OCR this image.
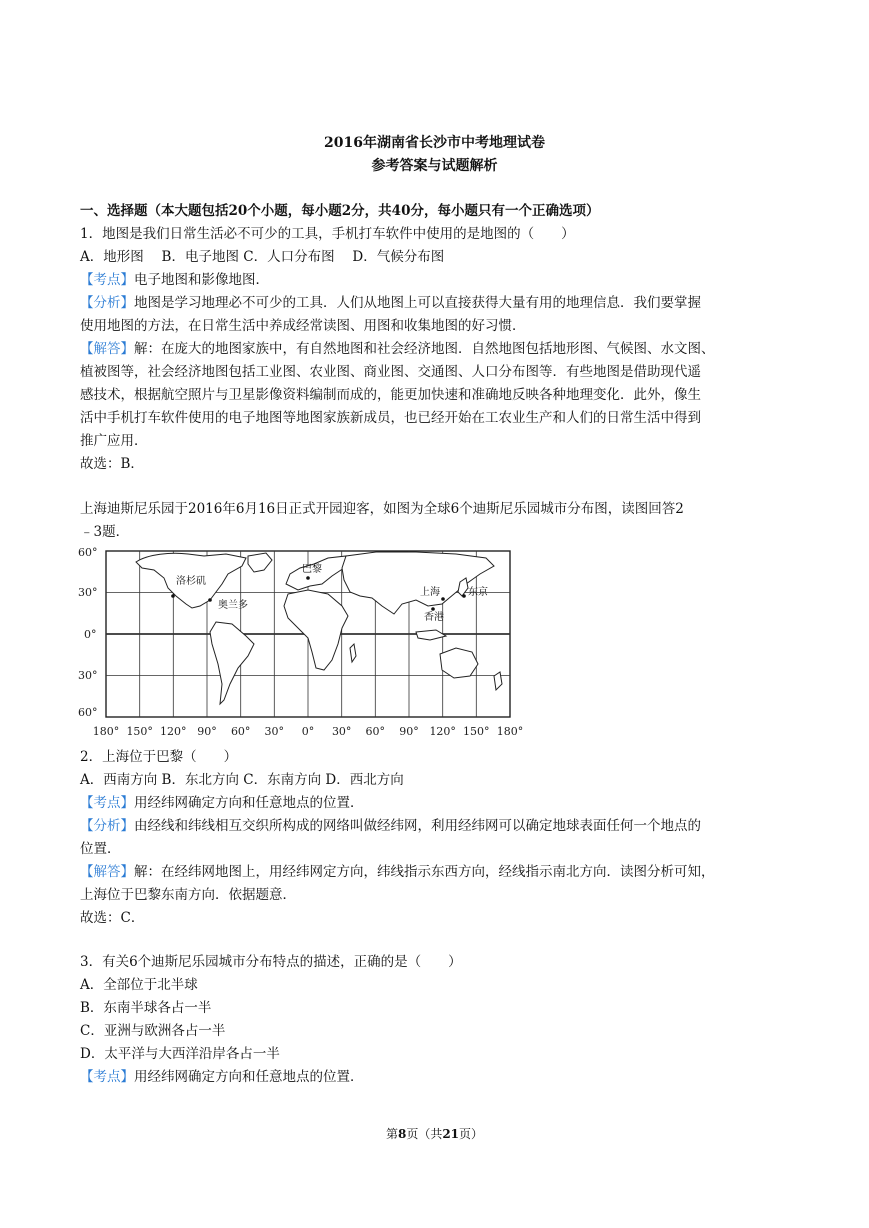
2016年湖南省长沙市中考地理试卷
参考答案与试题解析
一、选择题（本大题包括20个小题，每小题2分，共40分，每小题只有一个正确选项）
1．地图是我们日常生活必不可少的工具，手机打车软件中使用的是地图的（　　）
A．地形图　 B．电子地图 C．人口分布图　 D．气候分布图
【考点】电子地图和影像地图．
【分析】地图是学习地理必不可少的工具．人们从地图上可以直接获得大量有用的地理信息．我们要掌握
使用地图的方法，在日常生活中养成经常读图、用图和收集地图的好习惯．
【解答】解：在庞大的地图家族中，有自然地图和社会经济地图．自然地图包括地形图、气候图、水文图、
植被图等，社会经济地图包括工业图、农业图、商业图、交通图、人口分布图等．有些地图是借助现代遥
感技术，根据航空照片与卫星影像资料编制而成的，能更加快速和准确地反映各种地理变化．此外，像生
活中手机打车软件使用的电子地图等地图家族新成员，也已经开始在工农业生产和人们的日常生活中得到
推广应用．
故选：B．
上海迪斯尼乐园于2016年6月16日正式开园迎客，如图为全球6个迪斯尼乐园城市分布图，读图回答2
﹣3题．
洛杉矶
奥兰多
巴黎
上海	东京
香港
60°
30°
0°
30°
60°
180° 150° 120° 90° 60° 30° 0° 30° 60° 90° 120° 150° 180°
2．上海位于巴黎（　　）
A．西南方向 B．东北方向 C．东南方向 D．西北方向
【考点】用经纬网确定方向和任意地点的位置．
【分析】由经线和纬线相互交织所构成的网络叫做经纬网，利用经纬网可以确定地球表面任何一个地点的
位置．
【解答】解：在经纬网地图上，用经纬网定方向，纬线指示东西方向，经线指示南北方向．读图分析可知，
上海位于巴黎东南方向．依据题意．
故选：C．
3．有关6个迪斯尼乐园城市分布特点的描述，正确的是（　　）
A．全部位于北半球
B．东南半球各占一半
C．亚洲与欧洲各占一半
D．太平洋与大西洋沿岸各占一半
【考点】用经纬网确定方向和任意地点的位置．
第8页（共21页）
